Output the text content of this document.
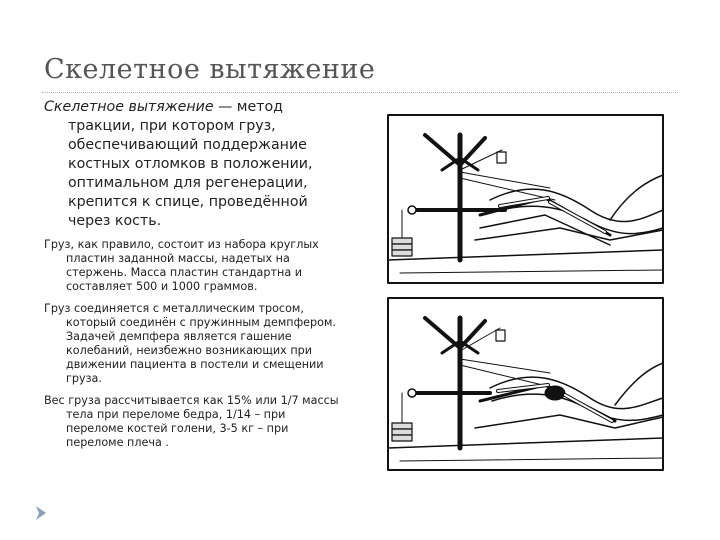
Скелетное вытяжение

Скелетное вытяжение — метод тракции, при котором груз, обеспечивающий поддержание костных отломков в положении, оптимальном для регенерации, крепится к спице, проведённой через кость.

Груз, как правило, состоит из набора круглых пластин заданной массы, надетых на стержень. Масса пластин стандартна и составляет 500 и 1000 граммов.

Груз соединяется с металлическим тросом, который соединён с пружинным демпфером. Задачей демпфера является гашение колебаний, неизбежно возникающих при движении пациента в постели и смещении груза.

Вес груза рассчитывается как 15% или 1/7 массы тела при переломе бедра, 1/14 – при переломе костей голени, 3-5 кг – при переломе плеча .
